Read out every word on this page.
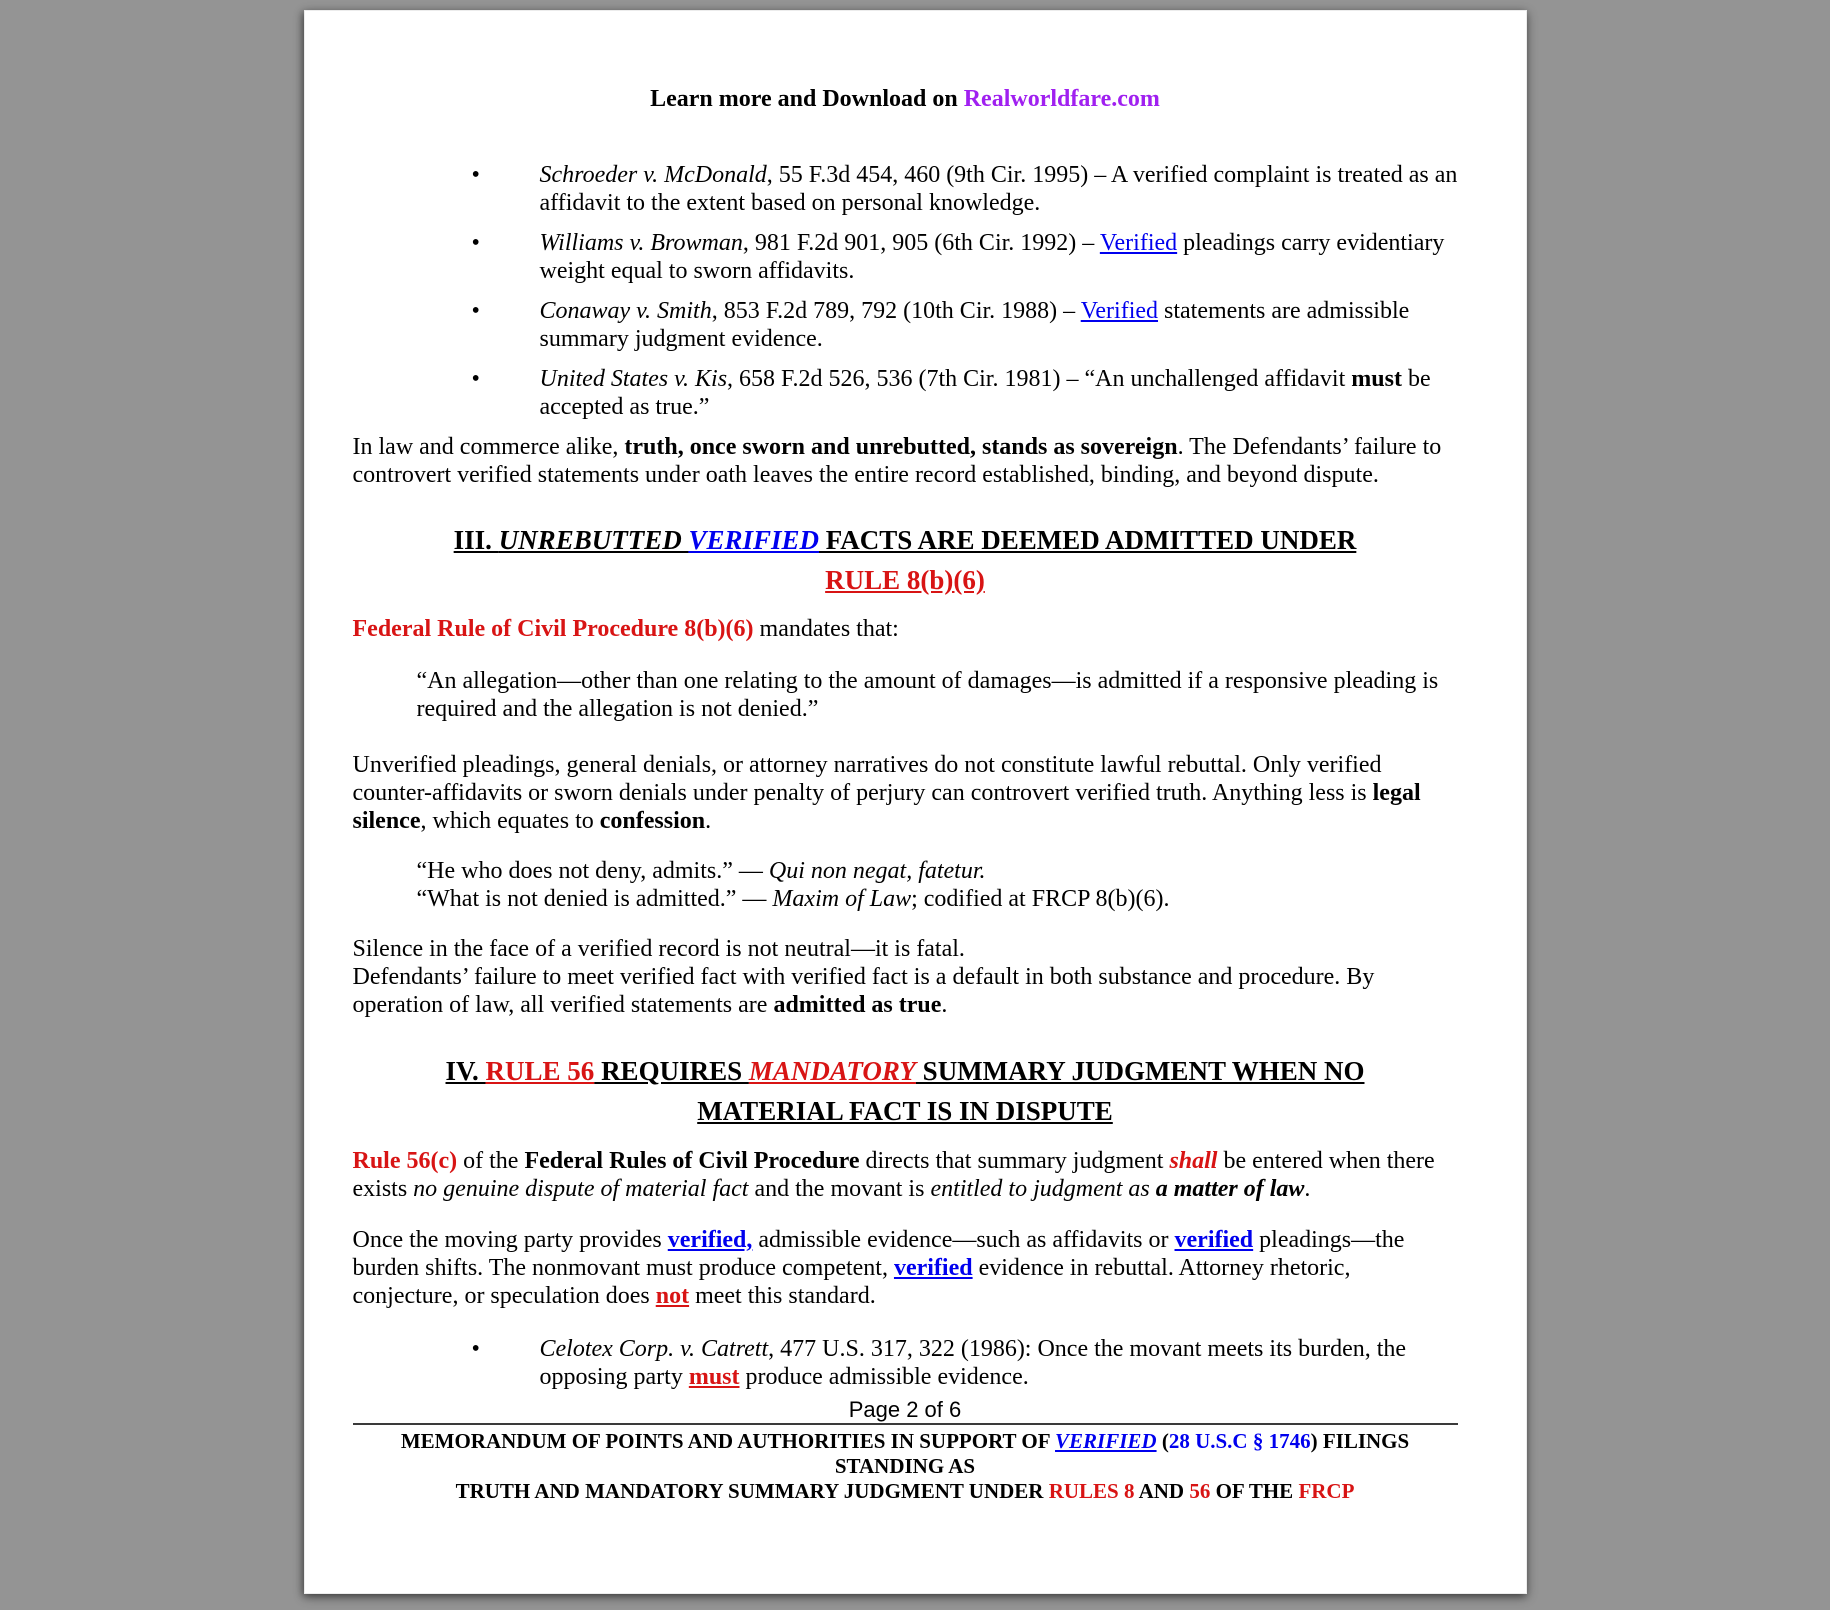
Learn more and Download on Realworldfare.com
• Schroeder v. McDonald, 55 F.3d 454, 460 (9th Cir. 1995) – A verified complaint is treated as an affidavit to the extent based on personal knowledge.
• Williams v. Browman, 981 F.2d 901, 905 (6th Cir. 1992) – Verified pleadings carry evidentiary weight equal to sworn affidavits.
• Conaway v. Smith, 853 F.2d 789, 792 (10th Cir. 1988) – Verified statements are admissible summary judgment evidence.
• United States v. Kis, 658 F.2d 526, 536 (7th Cir. 1981) – “An unchallenged affidavit must be accepted as true.”

In law and commerce alike, truth, once sworn and unrebutted, stands as sovereign. The Defendants’ failure to controvert verified statements under oath leaves the entire record established, binding, and beyond dispute.

III. UNREBUTTED VERIFIED FACTS ARE DEEMED ADMITTED UNDER
RULE 8(b)(6)

Federal Rule of Civil Procedure 8(b)(6) mandates that:

“An allegation—other than one relating to the amount of damages—is admitted if a responsive pleading is required and the allegation is not denied.”

Unverified pleadings, general denials, or attorney narratives do not constitute lawful rebuttal. Only verified counter-affidavits or sworn denials under penalty of perjury can controvert verified truth. Anything less is legal silence, which equates to confession.

“He who does not deny, admits.” — Qui non negat, fatetur.
“What is not denied is admitted.” — Maxim of Law; codified at FRCP 8(b)(6).

Silence in the face of a verified record is not neutral—it is fatal.
Defendants’ failure to meet verified fact with verified fact is a default in both substance and procedure. By operation of law, all verified statements are admitted as true.

IV. RULE 56 REQUIRES MANDATORY SUMMARY JUDGMENT WHEN NO
MATERIAL FACT IS IN DISPUTE

Rule 56(c) of the Federal Rules of Civil Procedure directs that summary judgment shall be entered when there exists no genuine dispute of material fact and the movant is entitled to judgment as a matter of law.

Once the moving party provides verified, admissible evidence—such as affidavits or verified pleadings—the burden shifts. The nonmovant must produce competent, verified evidence in rebuttal. Attorney rhetoric, conjecture, or speculation does not meet this standard.

• Celotex Corp. v. Catrett, 477 U.S. 317, 322 (1986): Once the movant meets its burden, the opposing party must produce admissible evidence.
Page 2 of 6
MEMORANDUM OF POINTS AND AUTHORITIES IN SUPPORT OF VERIFIED (28 U.S.C § 1746) FILINGS STANDING AS
TRUTH AND MANDATORY SUMMARY JUDGMENT UNDER RULES 8 AND 56 OF THE FRCP
